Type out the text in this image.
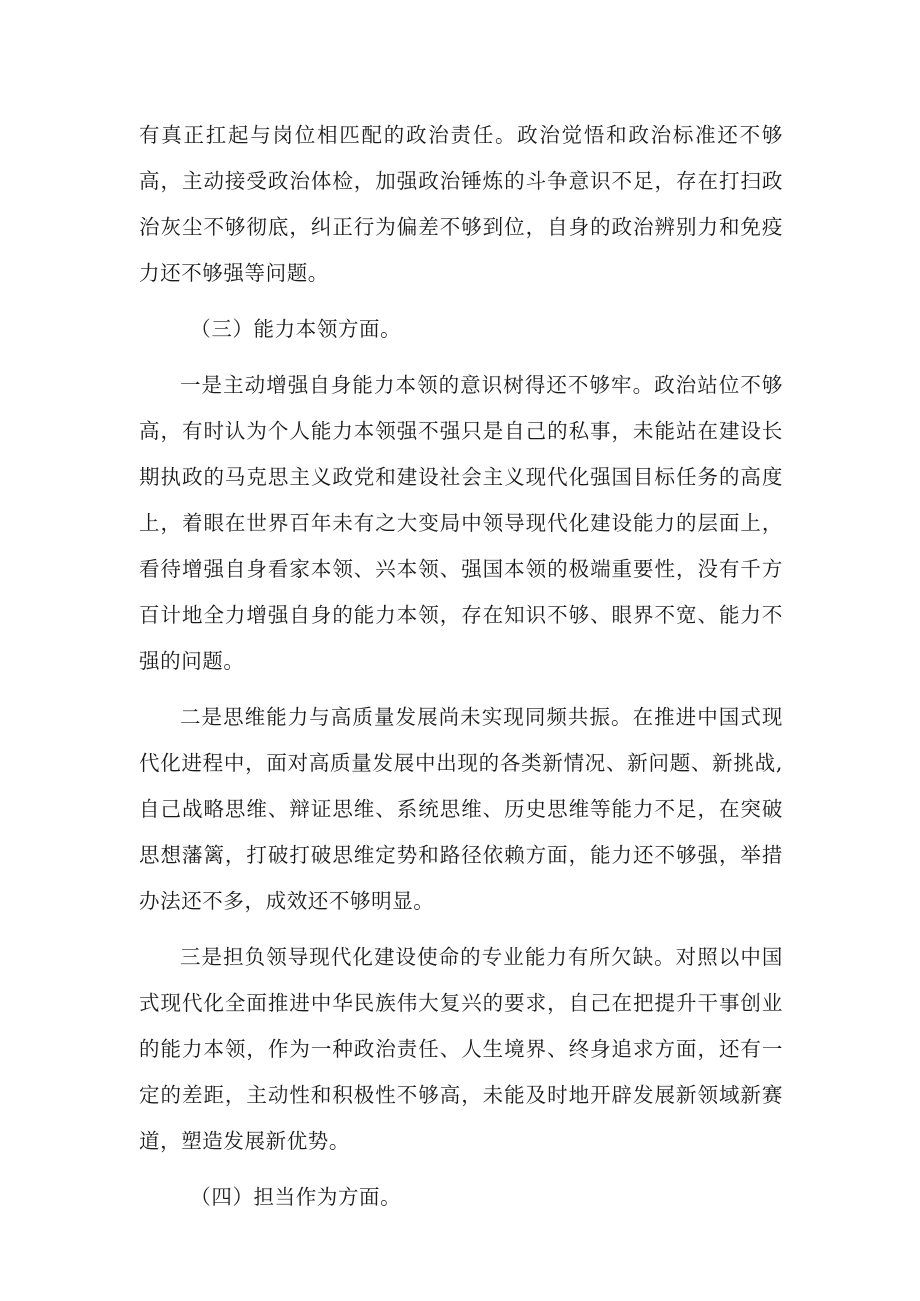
有真正扛起与岗位相匹配的政治责任。政治觉悟和政治标准还不够高，主动接受政治体检，加强政治锤炼的斗争意识不足，存在打扫政治灰尘不够彻底，纠正行为偏差不够到位，自身的政治辨别力和免疫力还不够强等问题。

（三）能力本领方面。

一是主动增强自身能力本领的意识树得还不够牢。政治站位不够高，有时认为个人能力本领强不强只是自己的私事，未能站在建设长期执政的马克思主义政党和建设社会主义现代化强国目标任务的高度上，着眼在世界百年未有之大变局中领导现代化建设能力的层面上，看待增强自身看家本领、兴本领、强国本领的极端重要性，没有千方百计地全力增强自身的能力本领，存在知识不够、眼界不宽、能力不强的问题。

二是思维能力与高质量发展尚未实现同频共振。在推进中国式现代化进程中，面对高质量发展中出现的各类新情况、新问题、新挑战,自己战略思维、辩证思维、系统思维、历史思维等能力不足，在突破思想藩篱，打破打破思维定势和路径依赖方面，能力还不够强，举措办法还不多，成效还不够明显。

三是担负领导现代化建设使命的专业能力有所欠缺。对照以中国式现代化全面推进中华民族伟大复兴的要求，自己在把提升干事创业的能力本领，作为一种政治责任、人生境界、终身追求方面，还有一定的差距，主动性和积极性不够高，未能及时地开辟发展新领域新赛道，塑造发展新优势。

（四）担当作为方面。
